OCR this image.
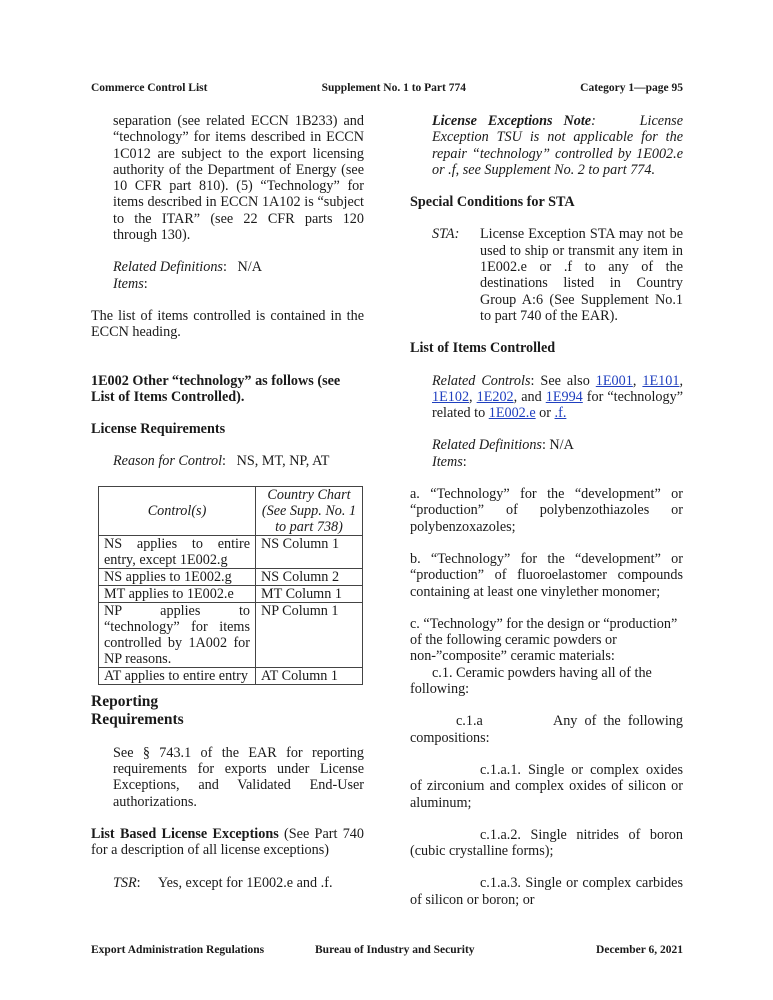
Commerce Control List	Supplement No. 1 to Part 774	Category 1—page 95

separation (see related ECCN 1B233) and “technology” for items described in ECCN 1C012 are subject to the export licensing authority of the Department of Energy (see 10 CFR part 810). (5) “Technology” for items described in ECCN 1A102 is “subject to the ITAR” (see 22 CFR parts 120 through 130).

Related Definitions:   N/A

Items:

The list of items controlled is contained in the ECCN heading.

1E002 Other “technology” as follows (see List of Items Controlled).

License Requirements

Reason for Control:   NS, MT, NP, AT

Control(s)	Country Chart (See Supp. No. 1 to part 738)
NS applies to entire entry, except 1E002.g	NS Column 1
NS applies to 1E002.g	NS Column 2
MT applies to 1E002.e	MT Column 1
NP applies to “technology” for items controlled by 1A002 for NP reasons.	NP Column 1
AT applies to entire entry	AT Column 1

Reporting
Requirements

See § 743.1 of the EAR for reporting requirements for exports under License Exceptions, and Validated End-User authorizations.

List Based License Exceptions (See Part 740 for a description of all license exceptions)

TSR:     Yes, except for 1E002.e and .f.

License Exceptions Note:    License Exception TSU is not applicable for the repair “technology” controlled by 1E002.e or .f, see Supplement No. 2 to part 774.

Special Conditions for STA

STA:	License Exception STA may not be used to ship or transmit any item in 1E002.e or .f to any of the destinations listed in Country Group A:6 (See Supplement No.1 to part 740 of the EAR).

List of Items Controlled

Related Controls: See also 1E001, 1E101, 1E102, 1E202, and 1E994 for “technology” related to 1E002.e or .f.

Related Definitions: N/A

Items:

a. “Technology” for the “development” or “production” of polybenzothiazoles or polybenzoxazoles;

b. “Technology” for the “development” or “production” of fluoroelastomer compounds containing at least one vinylether monomer;

c. “Technology” for the design or “production” of the following ceramic powders or non-”composite” ceramic materials:

c.1. Ceramic powders having all of the following:

c.1.a	Any of the following compositions:

c.1.a.1. Single or complex oxides of zirconium and complex oxides of silicon or aluminum;

c.1.a.2. Single nitrides of boron (cubic crystalline forms);

c.1.a.3. Single or complex carbides of silicon or boron; or

Export Administration Regulations	Bureau of Industry and Security	December 6, 2021
